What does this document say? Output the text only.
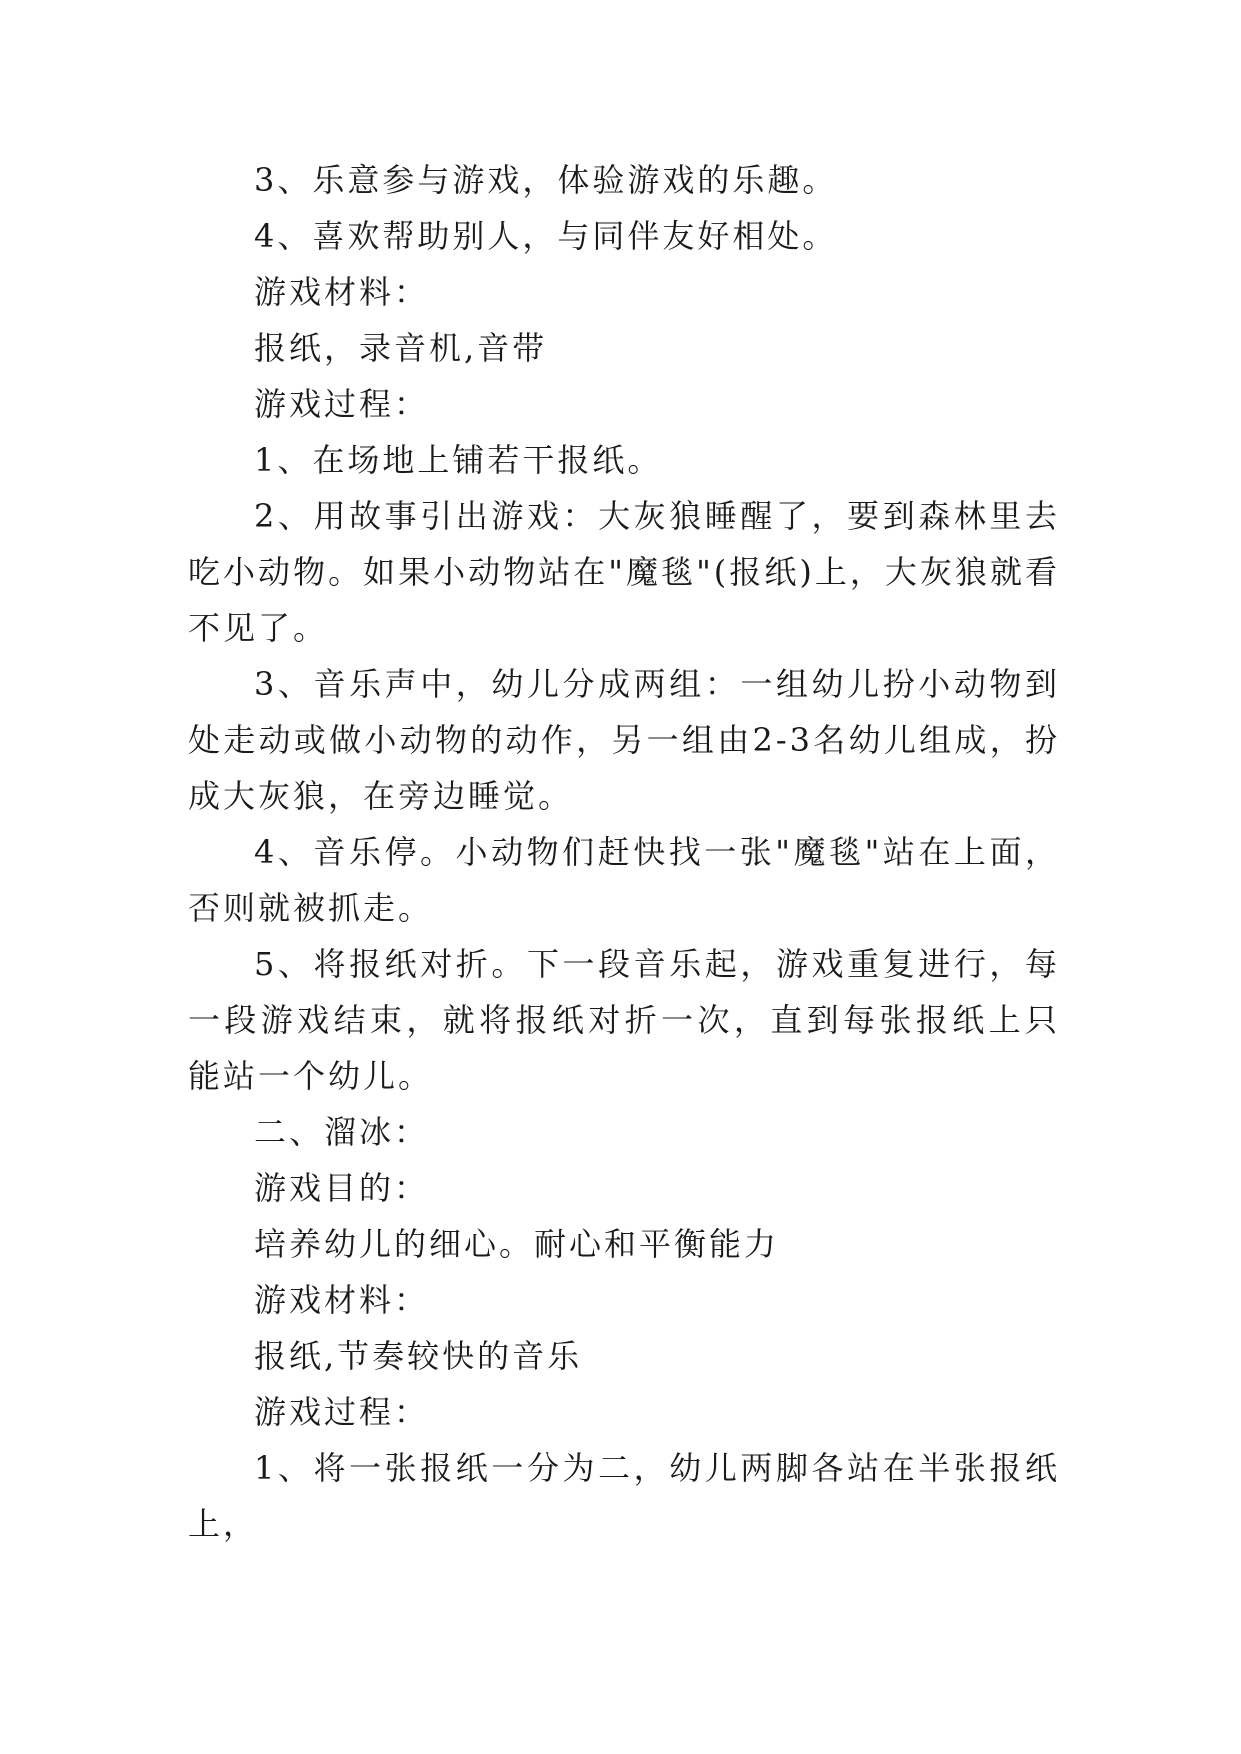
3、乐意参与游戏，体验游戏的乐趣。

4、喜欢帮助别人，与同伴友好相处。

游戏材料：

报纸，录音机,音带

游戏过程：

1、在场地上铺若干报纸。

2、用故事引出游戏：大灰狼睡醒了，要到森林里去吃小动物。如果小动物站在"魔毯"(报纸)上，大灰狼就看不见了。

3、音乐声中，幼儿分成两组：一组幼儿扮小动物到处走动或做小动物的动作，另一组由2-3名幼儿组成，扮成大灰狼，在旁边睡觉。

4、音乐停。小动物们赶快找一张"魔毯"站在上面，否则就被抓走。

5、将报纸对折。下一段音乐起，游戏重复进行，每一段游戏结束，就将报纸对折一次，直到每张报纸上只能站一个幼儿。

二、溜冰：

游戏目的：

培养幼儿的细心。耐心和平衡能力

游戏材料：

报纸,节奏较快的音乐

游戏过程：

1、将一张报纸一分为二，幼儿两脚各站在半张报纸上，
